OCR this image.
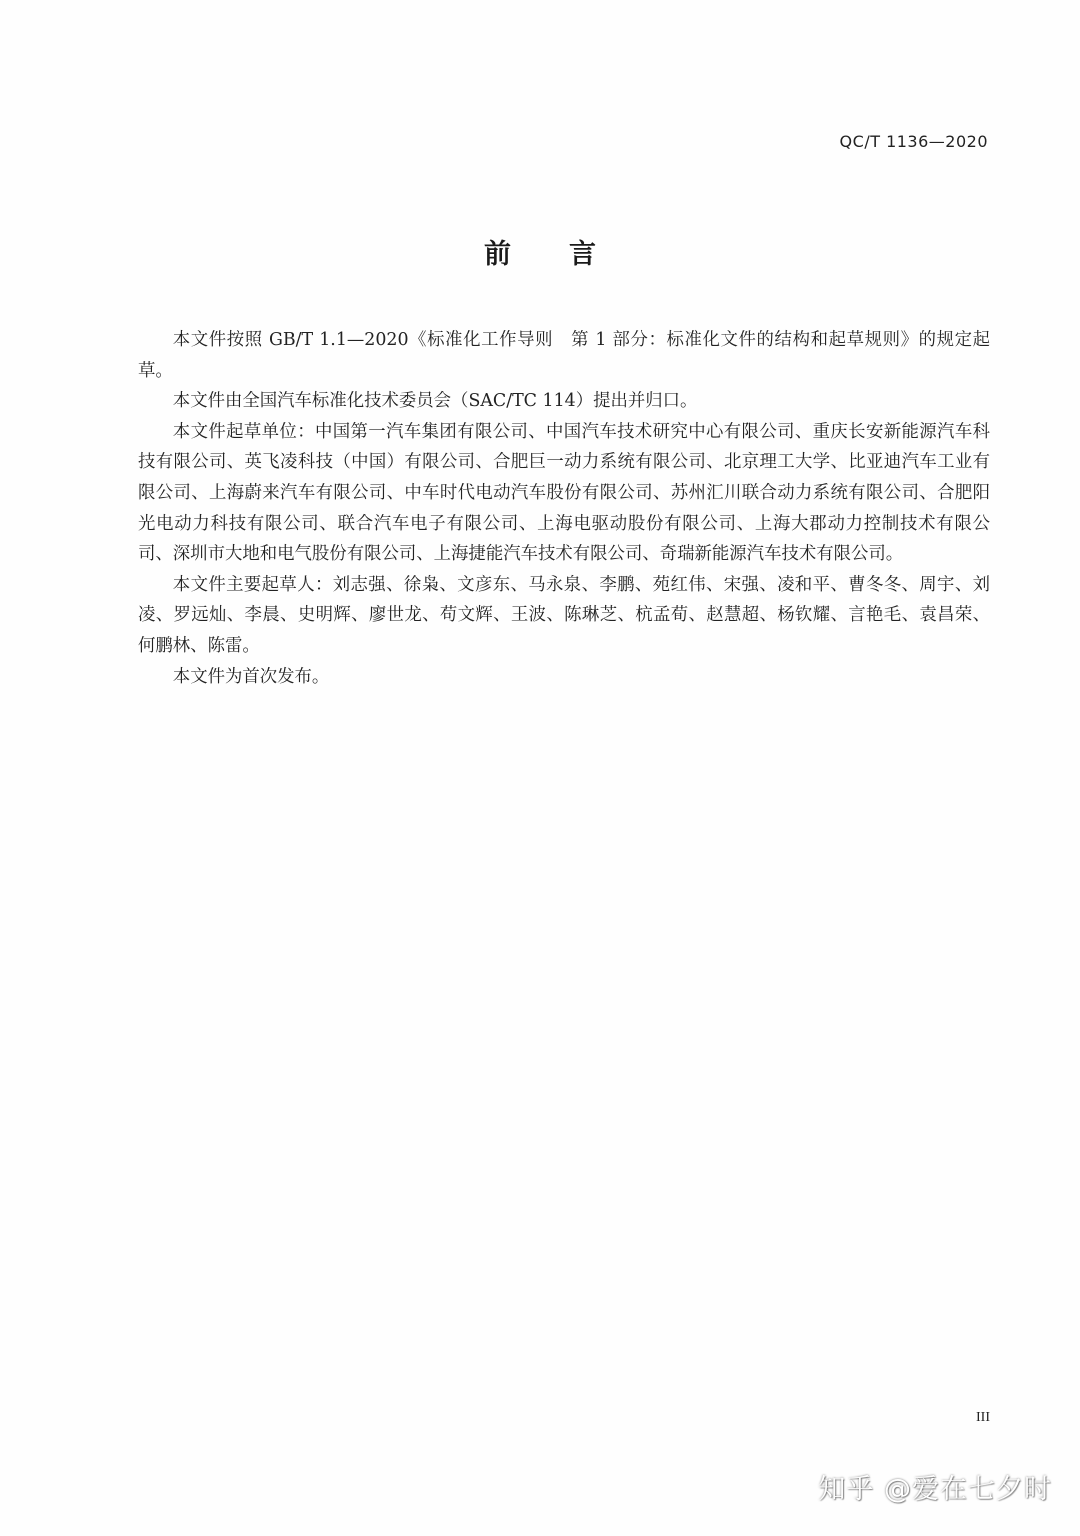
QC/T 1136—2020
前言

本文件按照 GB/T 1.1—2020《标准化工作导则　第 1 部分：标准化文件的结构和起草规则》的规定起草。

本文件由全国汽车标准化技术委员会（SAC/TC 114）提出并归口。

本文件起草单位：中国第一汽车集团有限公司、中国汽车技术研究中心有限公司、重庆长安新能源汽车科技有限公司、英飞凌科技（中国）有限公司、合肥巨一动力系统有限公司、北京理工大学、比亚迪汽车工业有限公司、上海蔚来汽车有限公司、中车时代电动汽车股份有限公司、苏州汇川联合动力系统有限公司、合肥阳光电动力科技有限公司、联合汽车电子有限公司、上海电驱动股份有限公司、上海大郡动力控制技术有限公司、深圳市大地和电气股份有限公司、上海捷能汽车技术有限公司、奇瑞新能源汽车技术有限公司。

本文件主要起草人：刘志强、徐枭、文彦东、马永泉、李鹏、苑红伟、宋强、凌和平、曹冬冬、周宇、刘凌、罗远灿、李晨、史明辉、廖世龙、苟文辉、王波、陈琳芝、杭孟荀、赵慧超、杨钦耀、言艳毛、袁昌荣、何鹏林、陈雷。

本文件为首次发布。

III
知乎 @爱在七夕时
